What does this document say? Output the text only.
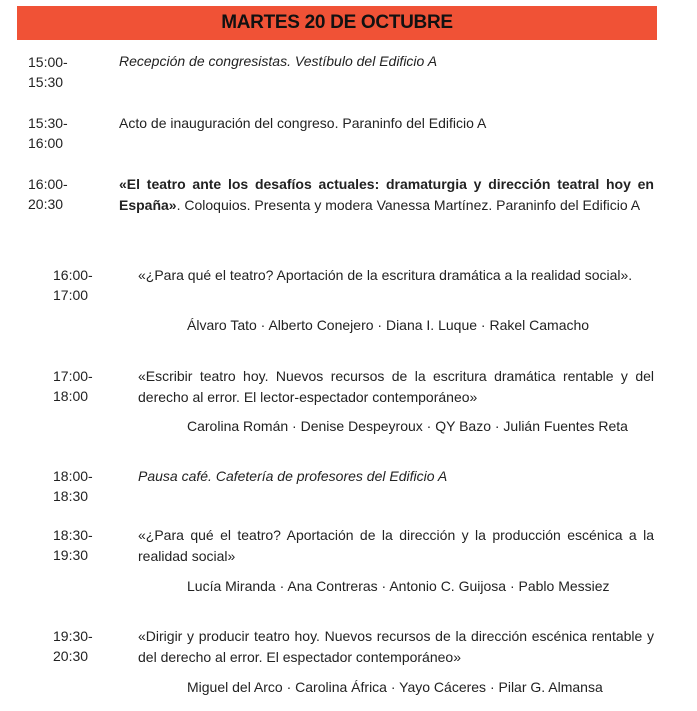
MARTES 20 DE OCTUBRE
15:00-
15:30
Recepción de congresistas. Vestíbulo del Edificio A
15:30-
16:00
Acto de inauguración del congreso. Paraninfo del Edificio A
16:00-
20:30
«El teatro ante los desafíos actuales: dramaturgia y dirección teatral hoy en España». Coloquios. Presenta y modera Vanessa Martínez. Paraninfo del Edificio A
16:00-
17:00
«¿Para qué el teatro? Aportación de la escritura dramática a la realidad social».
Álvaro Tato · Alberto Conejero · Diana I. Luque · Rakel Camacho
17:00-
18:00
«Escribir teatro hoy. Nuevos recursos de la escritura dramática rentable y del derecho al error. El lector-espectador contemporáneo»
Carolina Román · Denise Despeyroux · QY Bazo · Julián Fuentes Reta
18:00-
18:30
Pausa café. Cafetería de profesores del Edificio A
18:30-
19:30
«¿Para qué el teatro? Aportación de la dirección y la producción escénica a la realidad social»
Lucía Miranda · Ana Contreras · Antonio C. Guijosa · Pablo Messiez
19:30-
20:30
«Dirigir y producir teatro hoy. Nuevos recursos de la dirección escénica rentable y del derecho al error. El espectador contemporáneo»
Miguel del Arco · Carolina África · Yayo Cáceres · Pilar G. Almansa
